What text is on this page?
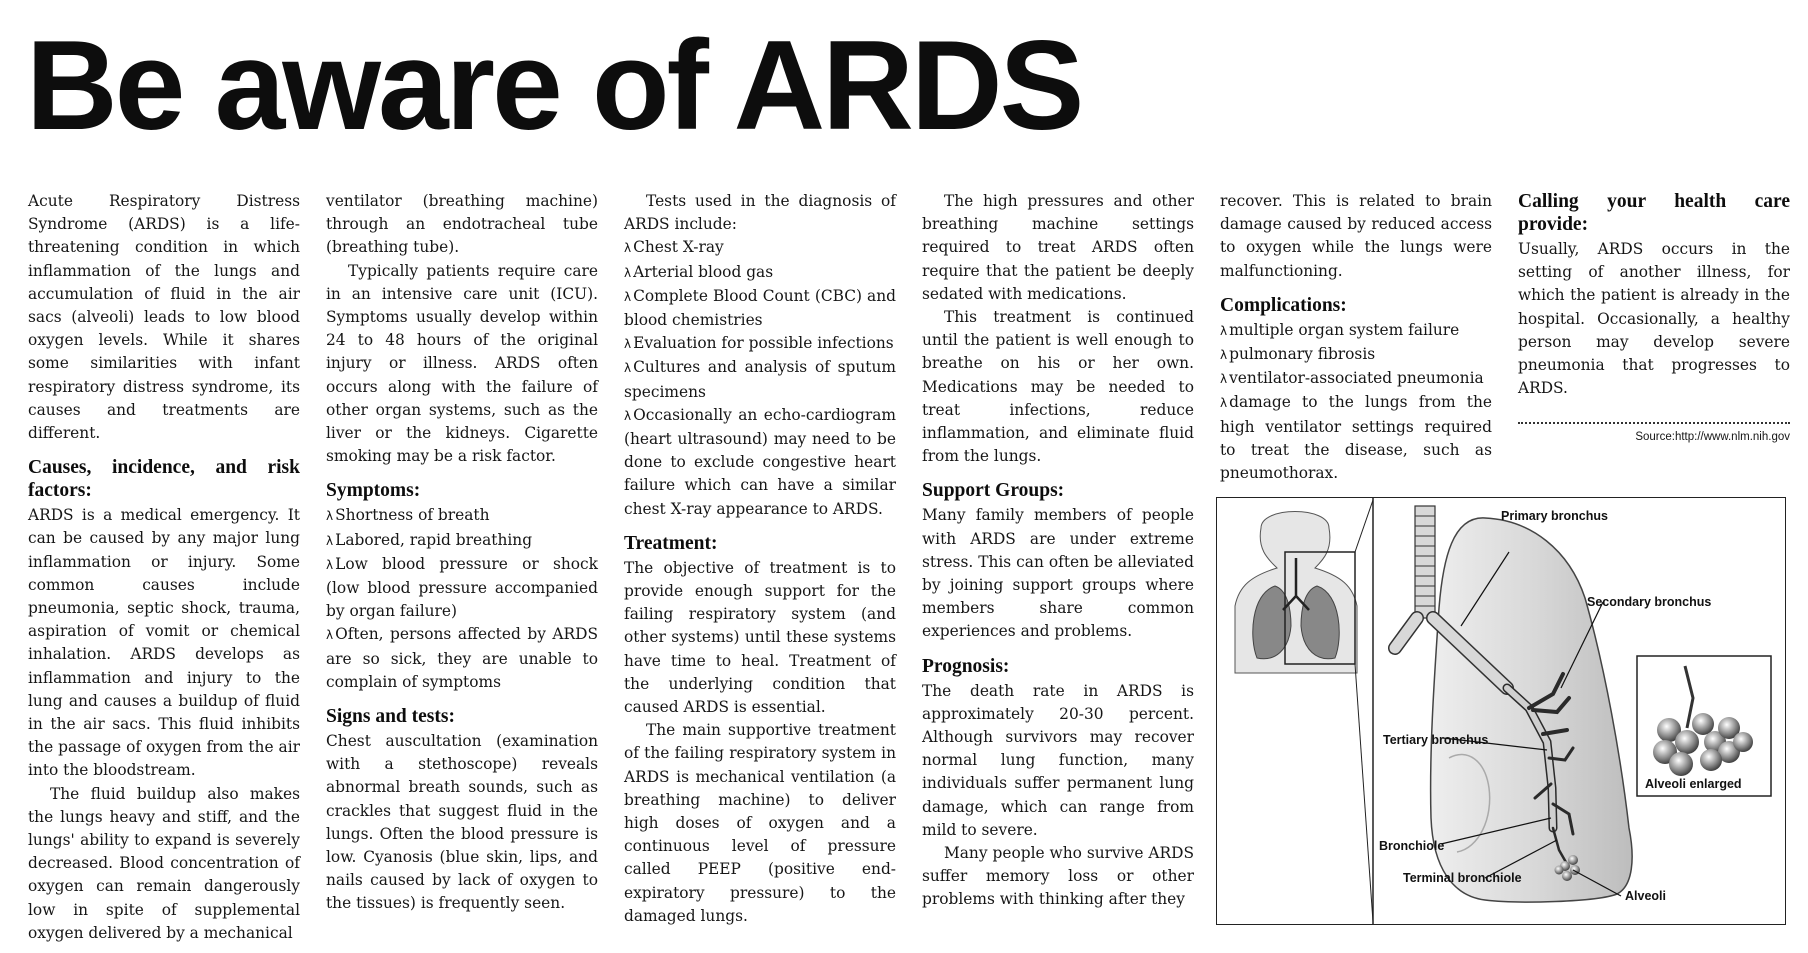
Be aware of ARDS

Acute Respiratory Distress Syndrome (ARDS) is a life-threatening condition in which inflammation of the lungs and accumulation of fluid in the air sacs (alveoli) leads to low blood oxygen levels. While it shares some similarities with infant respiratory distress syndrome, its causes and treatments are different.

Causes, incidence, and risk factors:

ARDS is a medical emergency. It can be caused by any major lung inflammation or injury. Some common causes include pneumonia, septic shock, trauma, aspiration of vomit or chemical inhalation. ARDS develops as inflammation and injury to the lung and causes a buildup of fluid in the air sacs. This fluid inhibits the passage of oxygen from the air into the bloodstream.

The fluid buildup also makes the lungs heavy and stiff, and the lungs' ability to expand is severely decreased. Blood concentration of oxygen can remain dangerously low in spite of supplemental oxygen delivered by a mechanical

ventilator (breathing machine) through an endotracheal tube (breathing tube).

Typically patients require care in an intensive care unit (ICU). Symptoms usually develop within 24 to 48 hours of the original injury or illness. ARDS often occurs along with the failure of other organ systems, such as the liver or the kidneys. Cigarette smoking may be a risk factor.

Symptoms:

λ Shortness of breath

λ Labored, rapid breathing

λ Low blood pressure or shock (low blood pressure accompanied by organ failure)

λ Often, persons affected by ARDS are so sick, they are unable to complain of symptoms

Signs and tests:

Chest auscultation (examination with a stethoscope) reveals abnormal breath sounds, such as crackles that suggest fluid in the lungs. Often the blood pressure is low. Cyanosis (blue skin, lips, and nails caused by lack of oxygen to the tissues) is frequently seen.

Tests used in the diagnosis of ARDS include:

λ Chest X-ray

λ Arterial blood gas

λ Complete Blood Count (CBC) and blood chemistries

λ Evaluation for possible infections

λ Cultures and analysis of sputum specimens

λ Occasionally an echo-cardiogram (heart ultrasound) may need to be done to exclude congestive heart failure which can have a similar chest X-ray appearance to ARDS.

Treatment:

The objective of treatment is to provide enough support for the failing respiratory system (and other systems) until these systems have time to heal. Treatment of the underlying condition that caused ARDS is essential.

The main supportive treatment of the failing respiratory system in ARDS is mechanical ventilation (a breathing machine) to deliver high doses of oxygen and a continuous level of pressure called PEEP (positive end-expiratory pressure) to the damaged lungs.

The high pressures and other breathing machine settings required to treat ARDS often require that the patient be deeply sedated with medications.

This treatment is continued until the patient is well enough to breathe on his or her own. Medications may be needed to treat infections, reduce inflammation, and eliminate fluid from the lungs.

Support Groups:

Many family members of people with ARDS are under extreme stress. This can often be alleviated by joining support groups where members share common experiences and problems.

Prognosis:

The death rate in ARDS is approximately 20-30 percent. Although survivors may recover normal lung function, many individuals suffer permanent lung damage, which can range from mild to severe.

Many people who survive ARDS suffer memory loss or other problems with thinking after they

recover. This is related to brain damage caused by reduced access to oxygen while the lungs were malfunctioning.

Complications:

λ multiple organ system failure

λ pulmonary fibrosis

λ ventilator-associated pneumonia

λ damage to the lungs from the high ventilator settings required to treat the disease, such as pneumothorax.

Calling your health care provide:

Usually, ARDS occurs in the setting of another illness, for which the patient is already in the hospital. Occasionally, a healthy person may develop severe pneumonia that progresses to ARDS.

Source:http://www.nlm.nih.gov
Primary bronchus
Secondary bronchus
Tertiary bronchus
Bronchiole
Terminal bronchiole
Alveoli
Alveoli enlarged
